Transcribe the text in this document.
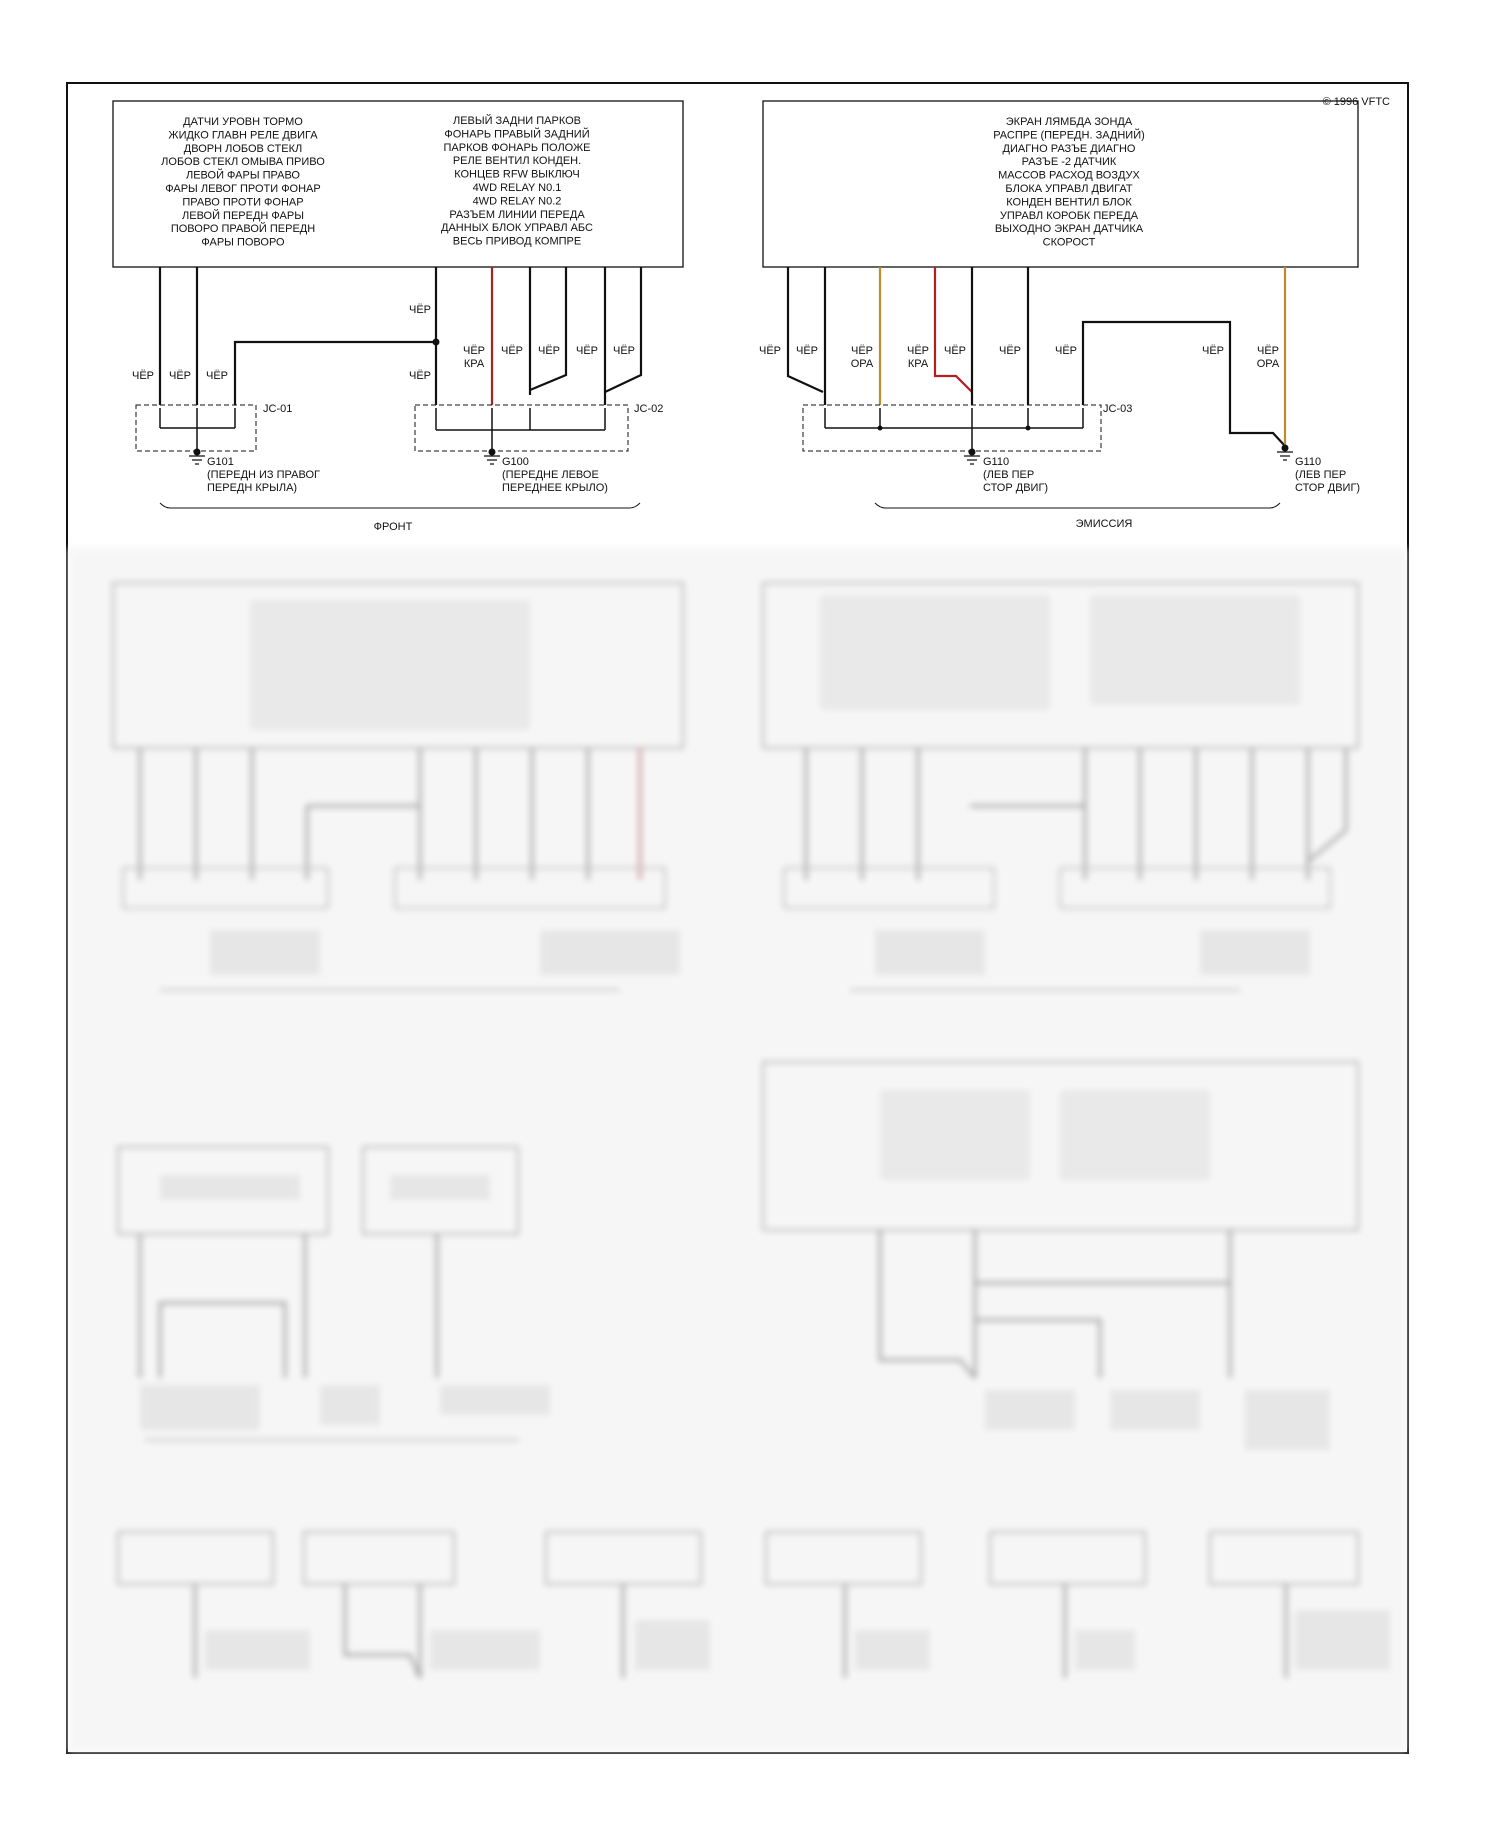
© 1996 VFTC
ДАТЧИ УРОВН ТОРМО
ЖИДКО ГЛАВН РЕЛЕ ДВИГА
ДВОРН ЛОБОВ СТЕКЛ
ЛОБОВ СТЕКЛ ОМЫВА ПРИВО
ЛЕВОЙ ФАРЫ ПРАВО
ФАРЫ ЛЕВОГ ПРОТИ ФОНАР
ПРАВО ПРОТИ ФОНАР
ЛЕВОЙ ПЕРЕДН ФАРЫ
ПОВОРО ПРАВОЙ ПЕРЕДН
ФАРЫ ПОВОРО
ЛЕВЫЙ ЗАДНИ ПАРКОВ
ФОНАРЬ ПРАВЫЙ ЗАДНИЙ
ПАРКОВ ФОНАРЬ ПОЛОЖЕ
РЕЛЕ ВЕНТИЛ КОНДЕН.
КОНЦЕВ RFW ВЫКЛЮЧ
4WD RELAY N0.1
4WD RELAY N0.2
РАЗЪЕМ ЛИНИИ ПЕРЕДА
ДАННЫХ БЛОК УПРАВЛ АБС
ВЕСЬ ПРИВОД КОМПРЕ
ЧЁР ЧЁР ЧЁР
ЧЁР
ЧЁР
ЧЁР
КРА
ЧЁР ЧЁР ЧЁР ЧЁР
JC-01
G101
(ПЕРЕДН ИЗ ПРАВОГ
ПЕРЕДН КРЫЛА)
JC-02
G100
(ПЕРЕДНЕ ЛЕВОЕ
ПЕРЕДНЕЕ КРЫЛО)
ФРОНТ
ЭКРАН ЛЯМБДА ЗОНДА
РАСПРЕ (ПЕРЕДН. ЗАДНИЙ)
ДИАГНО РАЗЪЕ ДИАГНО
РАЗЪЕ -2 ДАТЧИК
МАССОВ РАСХОД ВОЗДУХ
БЛОКА УПРАВЛ ДВИГАТ
КОНДЕН ВЕНТИЛ БЛОК
УПРАВЛ КОРОБК ПЕРЕДА
ВЫХОДНО ЭКРАН ДАТЧИКА
СКОРОСТ
ЧЁР ЧЁР	ЧЁР
ОРА
ЧЁР
КРА
ЧЁР	ЧЁР	ЧЁР	ЧЁР	ЧЁР
ОРА
JC-03
G110
(ЛЕВ ПЕР
СТОР ДВИГ)
G110
(ЛЕВ ПЕР
СТОР ДВИГ)
ЭМИССИЯ
